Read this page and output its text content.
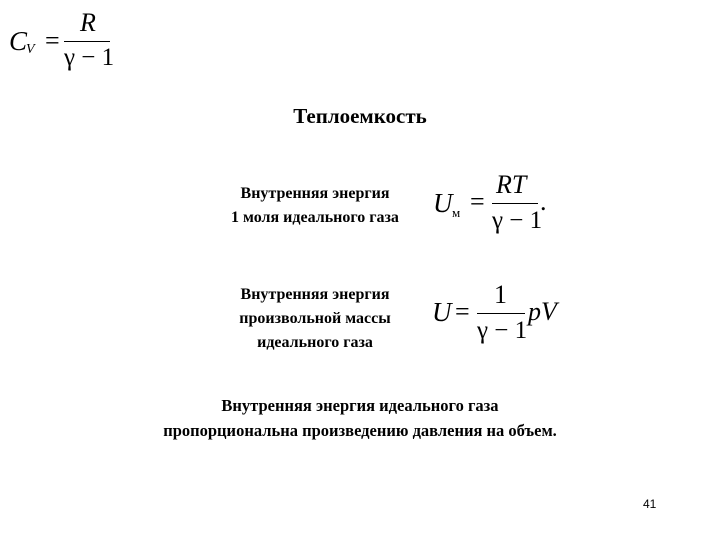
C
V =
R
γ − 1
Теплоемкость
Внутренняя энергия
1 моля идеального газа	U м =
RT
γ − 1
.
Внутренняя энергия
произвольной массы
идеального газа
U =
1
γ − 1
pV
Внутренняя энергия идеального газа
пропорциональна произведению давления на объем.
41
